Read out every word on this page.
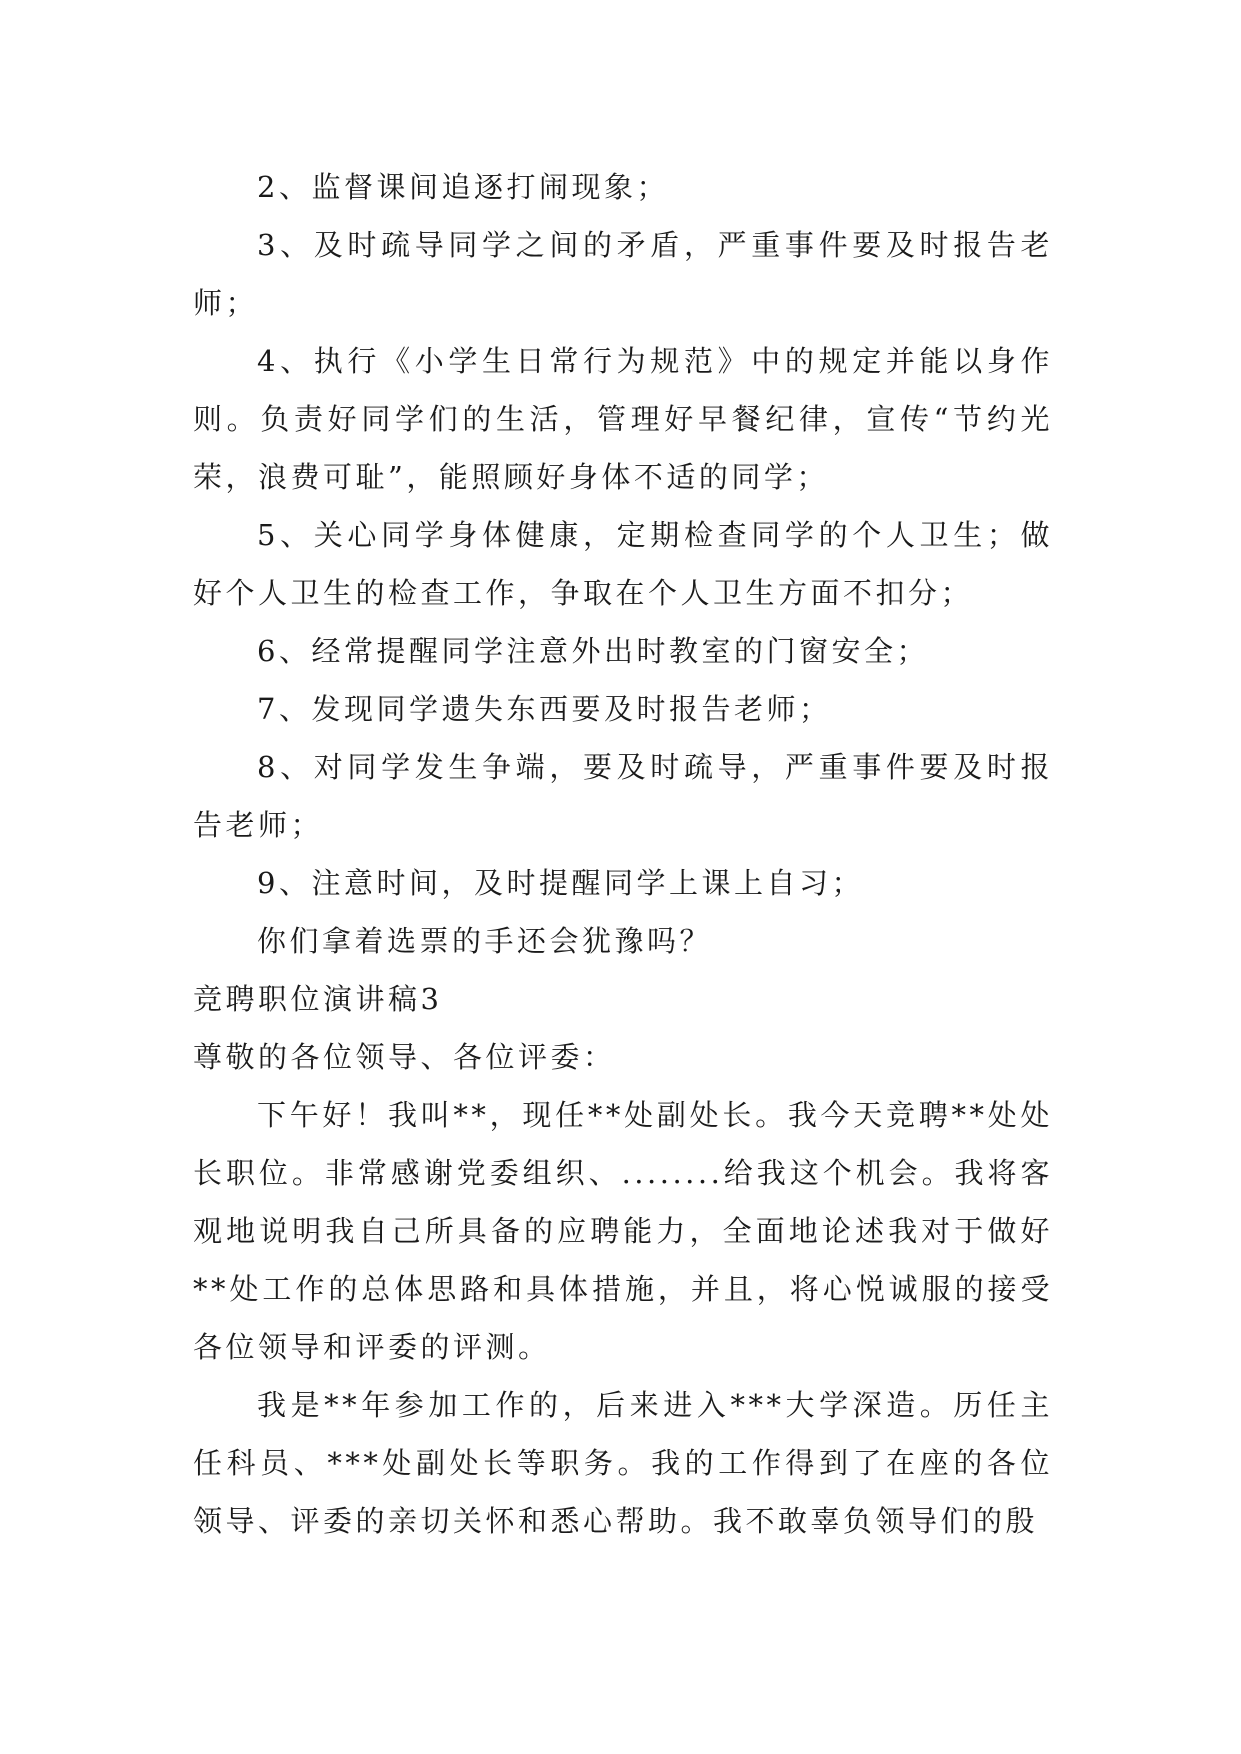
2、监督课间追逐打闹现象；

3、及时疏导同学之间的矛盾，严重事件要及时报告老师；

4、执行《小学生日常行为规范》中的规定并能以身作则。负责好同学们的生活，管理好早餐纪律，宣传“节约光荣，浪费可耻”，能照顾好身体不适的同学；

5、关心同学身体健康，定期检查同学的个人卫生；做好个人卫生的检查工作，争取在个人卫生方面不扣分；

6、经常提醒同学注意外出时教室的门窗安全；

7、发现同学遗失东西要及时报告老师；

8、对同学发生争端，要及时疏导，严重事件要及时报告老师；

9、注意时间，及时提醒同学上课上自习；

你们拿着选票的手还会犹豫吗？

竞聘职位演讲稿3

尊敬的各位领导、各位评委：

下午好！我叫**，现任**处副处长。我今天竞聘**处处长职位。非常感谢党委组织、........给我这个机会。我将客观地说明我自己所具备的应聘能力，全面地论述我对于做好**处工作的总体思路和具体措施，并且，将心悦诚服的接受各位领导和评委的评测。

我是**年参加工作的，后来进入***大学深造。历任主任科员、***处副处长等职务。我的工作得到了在座的各位领导、评委的亲切关怀和悉心帮助。我不敢辜负领导们的殷
